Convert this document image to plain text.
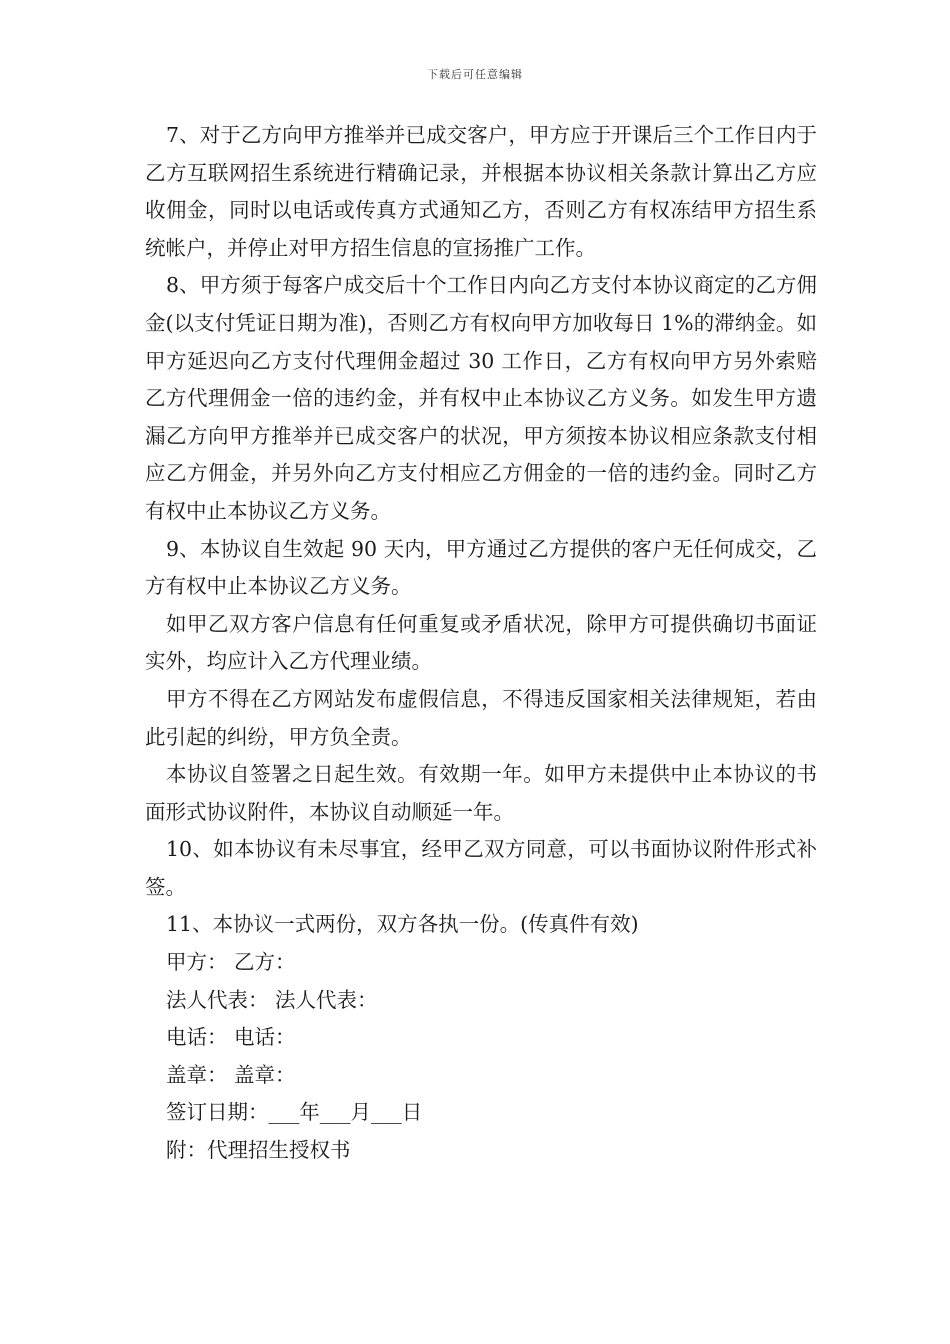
下载后可任意编辑

7、对于乙方向甲方推举并已成交客户，甲方应于开课后三个工作日内于乙方互联网招生系统进行精确记录，并根据本协议相关条款计算出乙方应收佣金，同时以电话或传真方式通知乙方，否则乙方有权冻结甲方招生系统帐户，并停止对甲方招生信息的宣扬推广工作。

8、甲方须于每客户成交后十个工作日内向乙方支付本协议商定的乙方佣金(以支付凭证日期为准)，否则乙方有权向甲方加收每日 1%的滞纳金。如甲方延迟向乙方支付代理佣金超过 30 工作日，乙方有权向甲方另外索赔乙方代理佣金一倍的违约金，并有权中止本协议乙方义务。如发生甲方遗漏乙方向甲方推举并已成交客户的状况，甲方须按本协议相应条款支付相应乙方佣金，并另外向乙方支付相应乙方佣金的一倍的违约金。同时乙方有权中止本协议乙方义务。

9、本协议自生效起 90 天内，甲方通过乙方提供的客户无任何成交，乙方有权中止本协议乙方义务。

如甲乙双方客户信息有任何重复或矛盾状况，除甲方可提供确切书面证实外，均应计入乙方代理业绩。

甲方不得在乙方网站发布虚假信息，不得违反国家相关法律规矩，若由此引起的纠纷，甲方负全责。

本协议自签署之日起生效。有效期一年。如甲方未提供中止本协议的书面形式协议附件，本协议自动顺延一年。

10、如本协议有未尽事宜，经甲乙双方同意，可以书面协议附件形式补签。

11、本协议一式两份，双方各执一份。(传真件有效)

甲方： 乙方：

法人代表： 法人代表：

电话： 电话：

盖章： 盖章：

签订日期：___年___月___日

附：代理招生授权书
